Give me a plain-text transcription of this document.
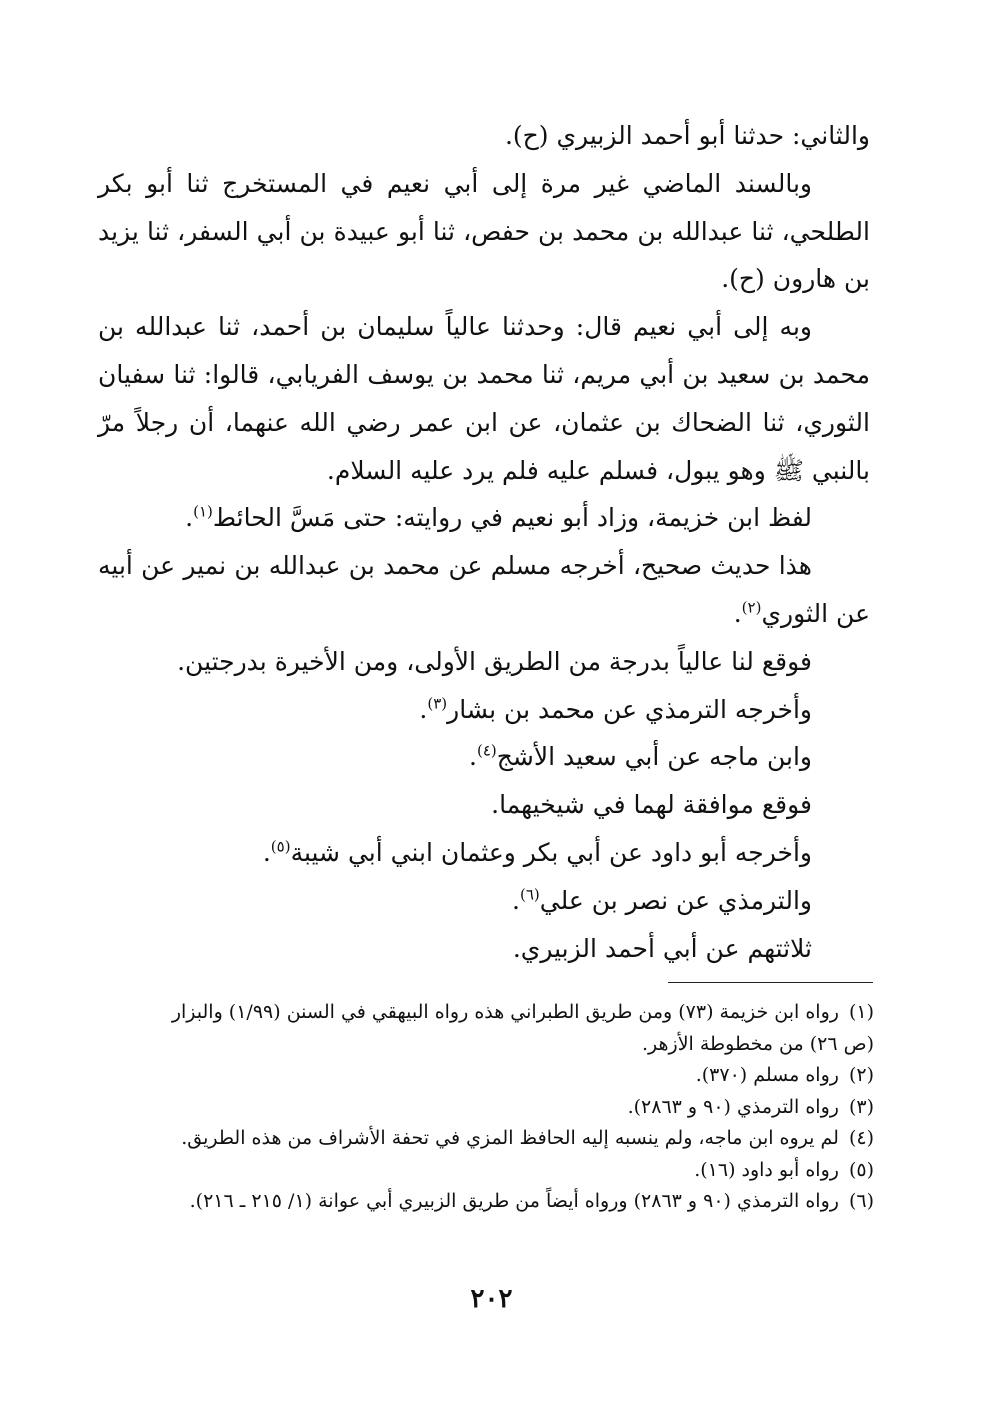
والثاني: حدثنا أبو أحمد الزبيري (ح).

وبالسند الماضي غير مرة إلى أبي نعيم في المستخرج ثنا أبو بكر الطلحي، ثنا عبدالله بن محمد بن حفص، ثنا أبو عبيدة بن أبي السفر، ثنا يزيد بن هارون (ح).

وبه إلى أبي نعيم قال: وحدثنا عالياً سليمان بن أحمد، ثنا عبدالله بن محمد بن سعيد بن أبي مريم، ثنا محمد بن يوسف الفريابي، قالوا: ثنا سفيان الثوري، ثنا الضحاك بن عثمان، عن ابن عمر رضي الله عنهما، أن رجلاً مرّ بالنبي ﷺ وهو يبول، فسلم عليه فلم يرد عليه السلام.

لفظ ابن خزيمة، وزاد أبو نعيم في روايته: حتى مَسَّ الحائط$^{(١)}$.

هذا حديث صحيح، أخرجه مسلم عن محمد بن عبدالله بن نمير عن أبيه عن الثوري$^{(٢)}$.

فوقع لنا عالياً بدرجة من الطريق الأولى، ومن الأخيرة بدرجتين.

وأخرجه الترمذي عن محمد بن بشار$^{(٣)}$.

وابن ماجه عن أبي سعيد الأشج$^{(٤)}$.

فوقع موافقة لهما في شيخيهما.

وأخرجه أبو داود عن أبي بكر وعثمان ابني أبي شيبة$^{(٥)}$.

والترمذي عن نصر بن علي$^{(٦)}$.

ثلاثتهم عن أبي أحمد الزبيري.

(١)رواه ابن خزيمة (٧٣) ومن طريق الطبراني هذه رواه البيهقي في السنن (١/٩٩) والبزار

(ص ٢٦) من مخطوطة الأزهر.

(٢)رواه مسلم (٣٧٠).

(٣)رواه الترمذي (٩٠ و ٢٨٦٣).

(٤)لم يروه ابن ماجه، ولم ينسبه إليه الحافظ المزي في تحفة الأشراف من هذه الطريق.

(٥)رواه أبو داود (١٦).

(٦)رواه الترمذي (٩٠ و ٢٨٦٣) ورواه أيضاً من طريق الزبيري أبي عوانة (١/ ٢١٥ ـ ٢١٦).

٢٠٢
